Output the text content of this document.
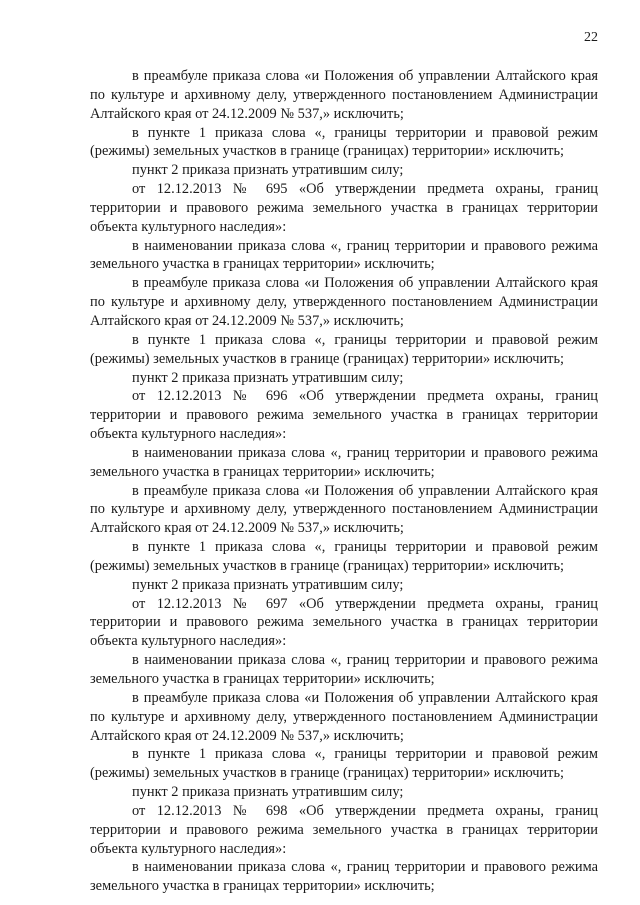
22

в преамбуле приказа слова «и Положения об управлении Алтайского края по культуре и архивному делу, утвержденного постановлением Администрации Алтайского края от 24.12.2009 № 537,» исключить;

в пункте 1 приказа слова «, границы территории и правовой режим (режимы) земельных участков в границе (границах) территории» исключить;

пункт 2 приказа признать утратившим силу;

от 12.12.2013 № 695 «Об утверждении предмета охраны, границ территории и правового режима земельного участка в границах территории объекта культурного наследия»:

в наименовании приказа слова «, границ территории и правового режима земельного участка в границах территории» исключить;

в преамбуле приказа слова «и Положения об управлении Алтайского края по культуре и архивному делу, утвержденного постановлением Администрации Алтайского края от 24.12.2009 № 537,» исключить;

в пункте 1 приказа слова «, границы территории и правовой режим (режимы) земельных участков в границе (границах) территории» исключить;

пункт 2 приказа признать утратившим силу;

от 12.12.2013 № 696 «Об утверждении предмета охраны, границ территории и правового режима земельного участка в границах территории объекта культурного наследия»:

в наименовании приказа слова «, границ территории и правового режима земельного участка в границах территории» исключить;

в преамбуле приказа слова «и Положения об управлении Алтайского края по культуре и архивному делу, утвержденного постановлением Администрации Алтайского края от 24.12.2009 № 537,» исключить;

в пункте 1 приказа слова «, границы территории и правовой режим (режимы) земельных участков в границе (границах) территории» исключить;

пункт 2 приказа признать утратившим силу;

от 12.12.2013 № 697 «Об утверждении предмета охраны, границ территории и правового режима земельного участка в границах территории объекта культурного наследия»:

в наименовании приказа слова «, границ территории и правового режима земельного участка в границах территории» исключить;

в преамбуле приказа слова «и Положения об управлении Алтайского края по культуре и архивному делу, утвержденного постановлением Администрации Алтайского края от 24.12.2009 № 537,» исключить;

в пункте 1 приказа слова «, границы территории и правовой режим (режимы) земельных участков в границе (границах) территории» исключить;

пункт 2 приказа признать утратившим силу;

от 12.12.2013 № 698 «Об утверждении предмета охраны, границ территории и правового режима земельного участка в границах территории объекта культурного наследия»:

в наименовании приказа слова «, границ территории и правового режима земельного участка в границах территории» исключить;
